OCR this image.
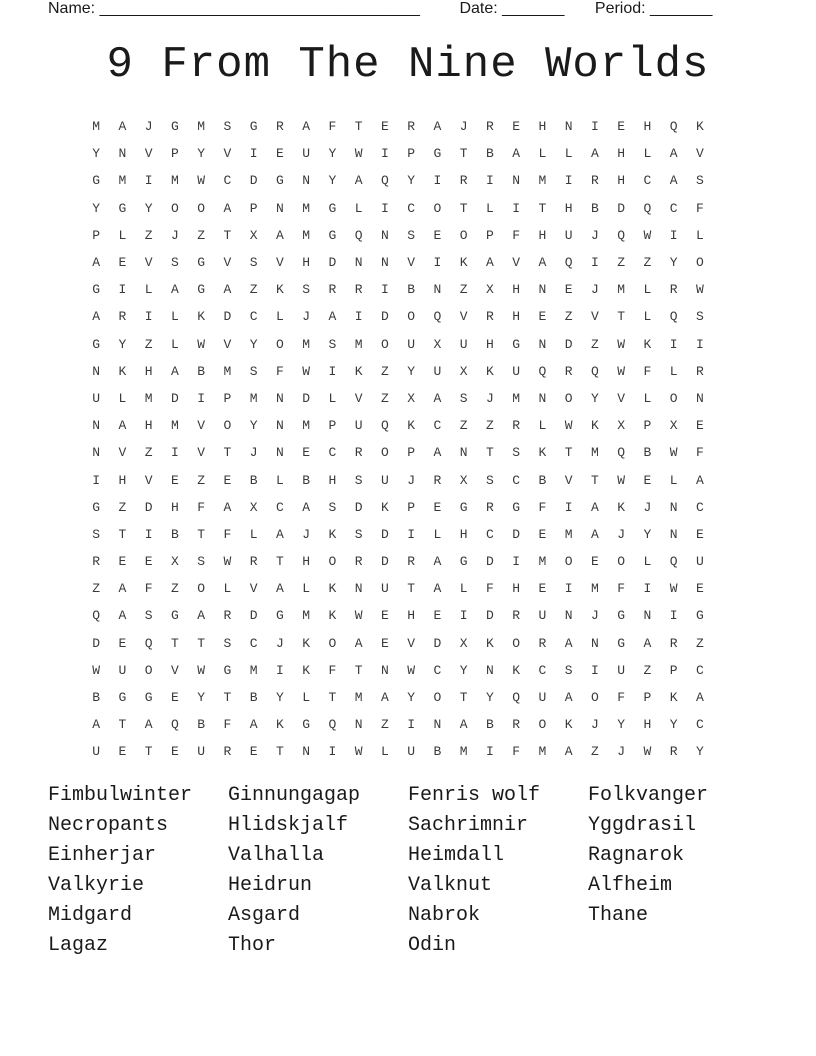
Name: ____________________________________ Date: _______ Period: _______
9 From The Nine Worlds
M	A	J	G	M	S	G	R	A	F	T	E	R	A	J	R	E	H	N	I	E	H	Q	K
Y	N	V	P	Y	V	I	E	U	Y	W	I	P	G	T	B	A	L	L	A	H	L	A	V
G	M	I	M	W	C	D	G	N	Y	A	Q	Y	I	R	I	N	M	I	R	H	C	A	S
Y	G	Y	O	O	A	P	N	M	G	L	I	C	O	T	L	I	T	H	B	D	Q	C	F
P	L	Z	J	Z	T	X	A	M	G	Q	N	S	E	O	P	F	H	U	J	Q	W	I	L
A	E	V	S	G	V	S	V	H	D	N	N	V	I	K	A	V	A	Q	I	Z	Z	Y	O
G	I	L	A	G	A	Z	K	S	R	R	I	B	N	Z	X	H	N	E	J	M	L	R	W
A	R	I	L	K	D	C	L	J	A	I	D	O	Q	V	R	H	E	Z	V	T	L	Q	S
G	Y	Z	L	W	V	Y	O	M	S	M	O	U	X	U	H	G	N	D	Z	W	K	I	I
N	K	H	A	B	M	S	F	W	I	K	Z	Y	U	X	K	U	Q	R	Q	W	F	L	R
U	L	M	D	I	P	M	N	D	L	V	Z	X	A	S	J	M	N	O	Y	V	L	O	N
N	A	H	M	V	O	Y	N	M	P	U	Q	K	C	Z	Z	R	L	W	K	X	P	X	E
N	V	Z	I	V	T	J	N	E	C	R	O	P	A	N	T	S	K	T	M	Q	B	W	F
I	H	V	E	Z	E	B	L	B	H	S	U	J	R	X	S	C	B	V	T	W	E	L	A
G	Z	D	H	F	A	X	C	A	S	D	K	P	E	G	R	G	F	I	A	K	J	N	C
S	T	I	B	T	F	L	A	J	K	S	D	I	L	H	C	D	E	M	A	J	Y	N	E
R	E	E	X	S	W	R	T	H	O	R	D	R	A	G	D	I	M	O	E	O	L	Q	U
Z	A	F	Z	O	L	V	A	L	K	N	U	T	A	L	F	H	E	I	M	F	I	W	E
Q	A	S	G	A	R	D	G	M	K	W	E	H	E	I	D	R	U	N	J	G	N	I	G
D	E	Q	T	T	S	C	J	K	O	A	E	V	D	X	K	O	R	A	N	G	A	R	Z
W	U	O	V	W	G	M	I	K	F	T	N	W	C	Y	N	K	C	S	I	U	Z	P	C
B	G	G	E	Y	T	B	Y	L	T	M	A	Y	O	T	Y	Q	U	A	O	F	P	K	A
A	T	A	Q	B	F	A	K	G	Q	N	Z	I	N	A	B	R	O	K	J	Y	H	Y	C
U	E	T	E	U	R	E	T	N	I	W	L	U	B	M	I	F	M	A	Z	J	W	R	Y
Fimbulwinter	Ginnungagap	Fenris wolf	Folkvanger
Necropants	Hlidskjalf	Sachrimnir	Yggdrasil
Einherjar	Valhalla	Heimdall	Ragnarok
Valkyrie	Heidrun	Valknut	Alfheim
Midgard	Asgard	Nabrok	Thane
Lagaz	Thor	Odin
